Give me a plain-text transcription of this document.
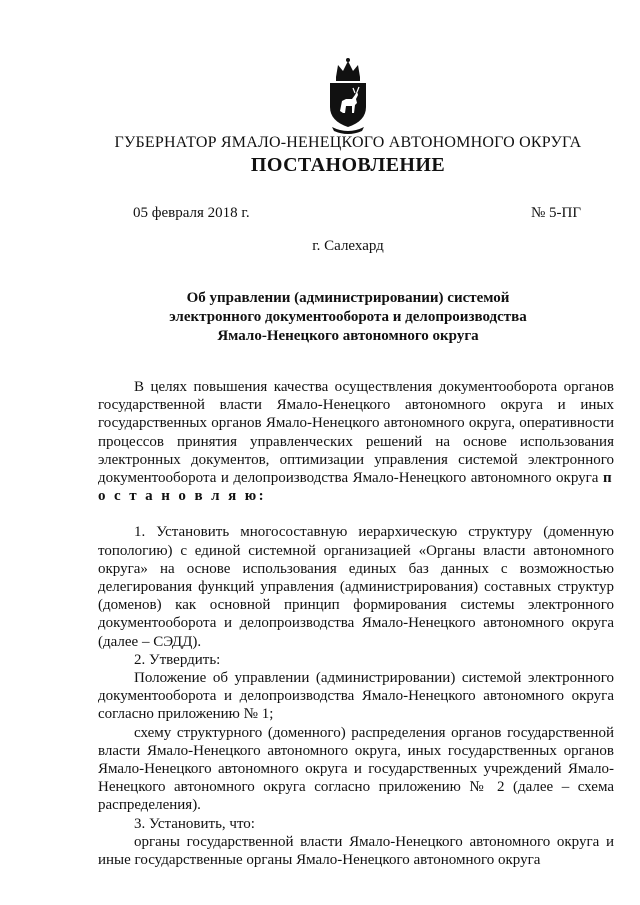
ГУБЕРНАТОР ЯМАЛО-НЕНЕЦКОГО АВТОНОМНОГО ОКРУГА
ПОСТАНОВЛЕНИЕ
05 февраля 2018 г.	№ 5-ПГ
г. Салехард
Об управлении (администрировании) системой
электронного документооборота и делопроизводства
Ямало-Ненецкого автономного округа

В целях повышения качества осуществления документооборота органов государственной власти Ямало-Ненецкого автономного округа и иных государственных органов Ямало-Ненецкого автономного округа, оперативности процессов принятия управленческих решений на основе использования электронных документов, оптимизации управления системой электронного документооборота и делопроизводства Ямало-Ненецкого автономного округа п о с т а н о в л я ю:

1. Установить многосоставную иерархическую структуру (доменную топологию) с единой системной организацией «Органы власти автономного округа» на основе использования единых баз данных с возможностью делегирования функций управления (администрирования) составных структур (доменов) как основной принцип формирования системы электронного документооборота и делопроизводства Ямало-Ненецкого автономного округа (далее – СЭДД).

2. Утвердить:

Положение об управлении (администрировании) системой электронного документооборота и делопроизводства Ямало-Ненецкого автономного округа согласно приложению № 1;

схему структурного (доменного) распределения органов государственной власти Ямало-Ненецкого автономного округа, иных государственных органов Ямало-Ненецкого автономного округа и государственных учреждений Ямало-Ненецкого автономного округа согласно приложению № 2 (далее – схема распределения).

3. Установить, что:

органы государственной власти Ямало-Ненецкого автономного округа и иные государственные органы Ямало-Ненецкого автономного округа
